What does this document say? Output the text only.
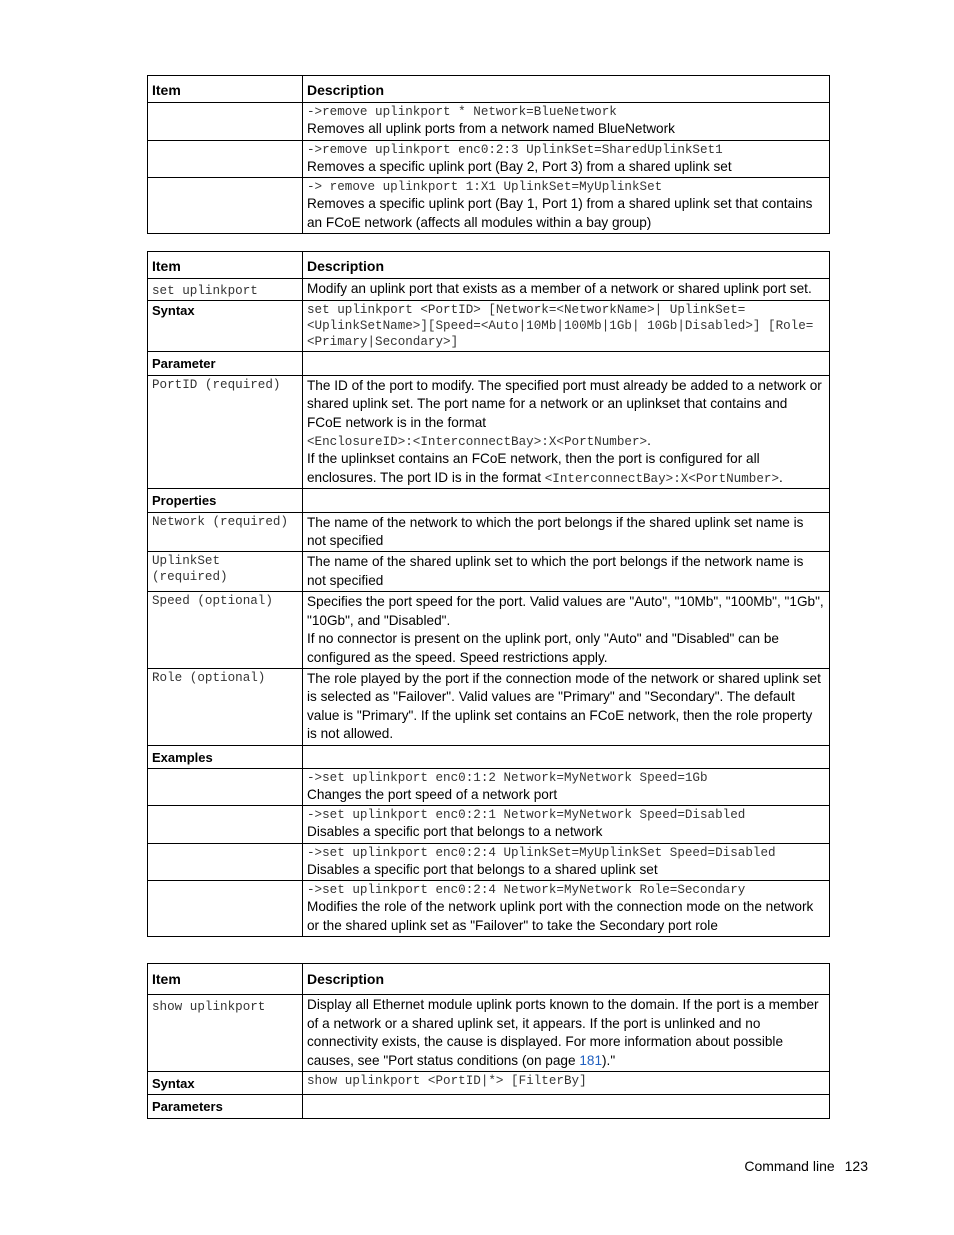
Item	Description

	->remove uplinkport * Network=BlueNetwork
Removes all uplink ports from a network named BlueNetwork

	->remove uplinkport enc0:2:3 UplinkSet=SharedUplinkSet1
Removes a specific uplink port (Bay 2, Port 3) from a shared uplink set

	-> remove uplinkport 1:X1 UplinkSet=MyUplinkSet
Removes a specific uplink port (Bay 1, Port 1) from a shared uplink set that contains an FCoE network (affects all modules within a bay group)
Item	Description
set uplinkport	Modify an uplink port that exists as a member of a network or shared uplink port set.
Syntax	set uplinkport <PortID> [Network=<NetworkName>| UplinkSet=<UplinkSetName>][Speed=<Auto|10Mb|100Mb|1Gb| 10Gb|Disabled>] [Role=<Primary|Secondary>]
Parameter	
PortID (required)	The ID of the port to modify. The specified port must already be added to a network or shared uplink set. The port name for a network or an uplinkset that contains and FCoE network is in the format
<EnclosureID>:<InterconnectBay>:X<PortNumber>.
If the uplinkset contains an FCoE network, then the port is configured for all enclosures. The port ID is in the format <InterconnectBay>:X<PortNumber>.
Properties	
Network (required)	The name of the network to which the port belongs if the shared uplink set name is not specified
UplinkSet (required)	The name of the shared uplink set to which the port belongs if the network name is not specified
Speed (optional)	Specifies the port speed for the port. Valid values are "Auto", "10Mb", "100Mb", "1Gb", "10Gb", and "Disabled".
If no connector is present on the uplink port, only "Auto" and "Disabled" can be configured as the speed. Speed restrictions apply.
Role (optional)	The role played by the port if the connection mode of the network or shared uplink set is selected as "Failover". Valid values are "Primary" and "Secondary". The default value is "Primary". If the uplink set contains an FCoE network, then the role property is not allowed.
Examples	

	->set uplinkport enc0:1:2 Network=MyNetwork Speed=1Gb
Changes the port speed of a network port

	->set uplinkport enc0:2:1 Network=MyNetwork Speed=Disabled
Disables a specific port that belongs to a network

	->set uplinkport enc0:2:4 UplinkSet=MyUplinkSet Speed=Disabled
Disables a specific port that belongs to a shared uplink set

	->set uplinkport enc0:2:4 Network=MyNetwork Role=Secondary
Modifies the role of the network uplink port with the connection mode on the network or the shared uplink set as "Failover" to take the Secondary port role
Item	Description
show uplinkport	Display all Ethernet module uplink ports known to the domain. If the port is a member of a network or a shared uplink set, it appears. If the port is unlinked and no connectivity exists, the cause is displayed. For more information about possible causes, see "Port status conditions (on page 181)."
Syntax	show uplinkport <PortID|*> [FilterBy]
Parameters	
Command line 123
